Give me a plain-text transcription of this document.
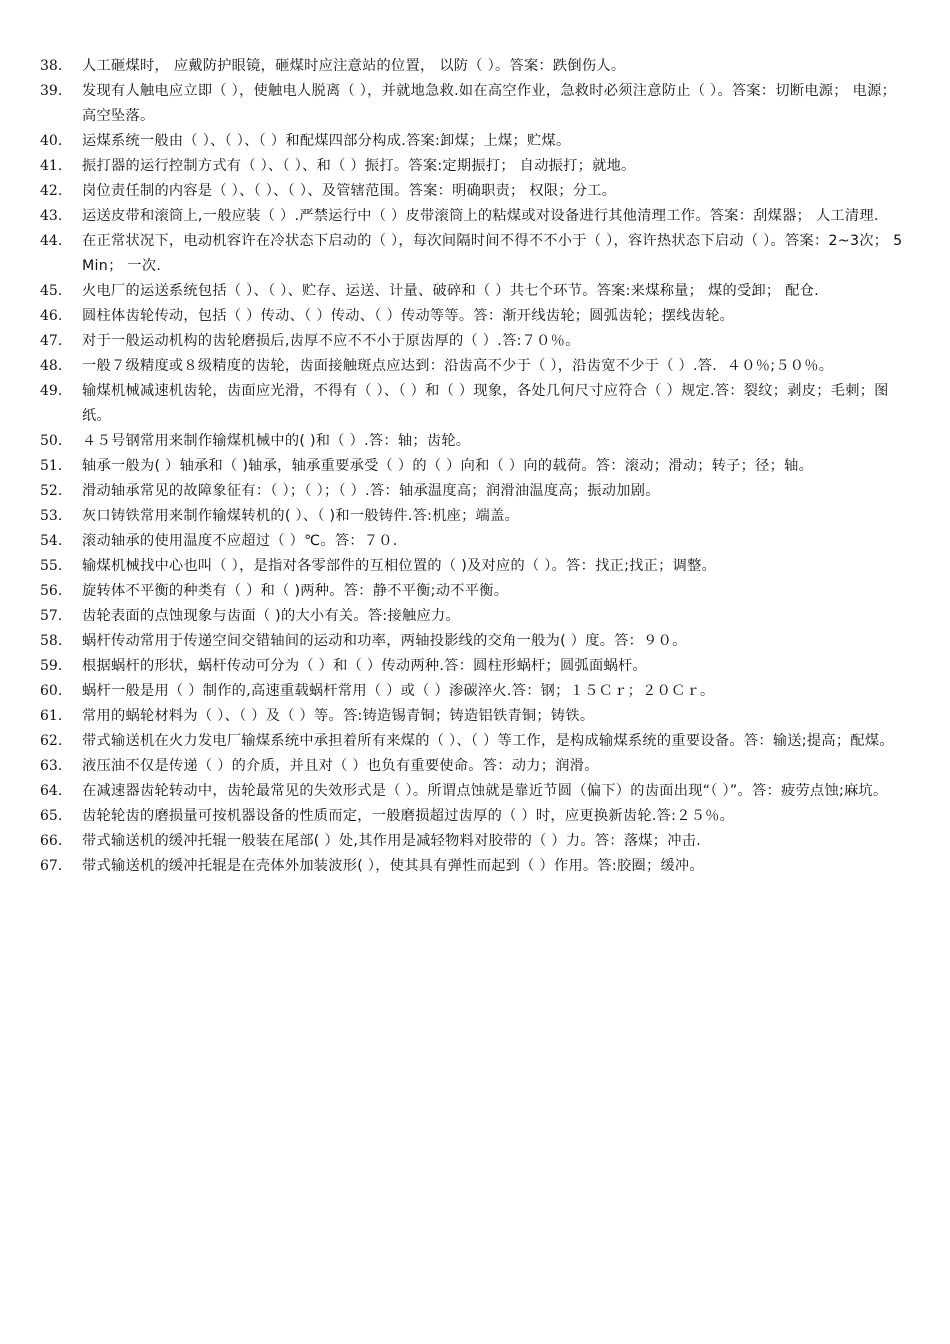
38.	人工砸煤时， 应戴防护眼镜，砸煤时应注意站的位置， 以防（ ）。答案：跌倒伤人。
39.	发现有人触电应立即（ ），使触电人脱离（ ），并就地急救.如在高空作业，急救时必须注意防止（ ）。答案：切断电源； 电源； 高空坠落。
40.	运煤系统一般由（ ）、（ ）、（ ）和配煤四部分构成.答案:卸煤；上煤；贮煤。
41.	振打器的运行控制方式有（ ）、（ ）、和（ ）振打。答案:定期振打； 自动振打；就地。
42.	岗位责任制的内容是（ ）、（ ）、（ ）、及管辖范围。答案：明确职责； 权限；分工。
43.	运送皮带和滚筒上,一般应装（ ）.严禁运行中（ ）皮带滚筒上的粘煤或对设备进行其他清理工作。答案：刮煤器； 人工清理.
44.	在正常状况下，电动机容许在冷状态下启动的（ ），每次间隔时间不得不不小于（ ），容许热状态下启动（ ）。答案：2~3次； 5Min； 一次.
45.	火电厂的运送系统包括（ ）、（ ）、贮存、运送、计量、破碎和（ ）共七个环节。答案:来煤称量； 煤的受卸； 配仓.
46.	圆柱体齿轮传动，包括（ ）传动、（ ）传动、（ ）传动等等。答：渐开线齿轮；圆弧齿轮；摆线齿轮。
47.	对于一般运动机构的齿轮磨损后,齿厚不应不不小于原齿厚的（ ）.答:７０％。
48.	一般７级精度或８级精度的齿轮，齿面接触斑点应达到：沿齿高不少于（ ），沿齿宽不少于（ ）.答．４０％;５０％。
49.	输煤机械减速机齿轮，齿面应光滑，不得有（ ）、（ ）和（ ）现象，各处几何尺寸应符合（ ）规定.答：裂纹；剥皮；毛刺；图纸。
50.	４５号钢常用来制作输煤机械中的( )和（ ）.答：轴；齿轮。
51.	轴承一般为( ）轴承和（ )轴承，轴承重要承受（ ）的（ ）向和（ ）向的载荷。答：滚动；滑动；转子；径；轴。
52.	滑动轴承常见的故障象征有：（ ）；（ ）；（ ）.答：轴承温度高；润滑油温度高；振动加剧。
53.	灰口铸铁常用来制作输煤转机的( ）、（ )和一般铸件.答:机座；端盖。
54.	滚动轴承的使用温度不应超过（ ）℃。答：７０.
55.	输煤机械找中心也叫（ ），是指对各零部件的互相位置的（ )及对应的（ ）。答：找正;找正；调整。
56.	旋转体不平衡的种类有（ ）和（ )两种。答：静不平衡;动不平衡。
57.	齿轮表面的点蚀现象与齿面（ )的大小有关。答:接触应力。
58.	蜗杆传动常用于传递空间交错轴间的运动和功率，两轴投影线的交角一般为( ）度。答：９０。
59.	根据蜗杆的形状，蜗杆传动可分为（ ）和（ ）传动两种.答：圆柱形蜗杆；圆弧面蜗杆。
60.	蜗杆一般是用（ ）制作的,高速重载蜗杆常用（ ）或（ ）渗碳淬火.答：钢；１５Ｃｒ；２０Ｃｒ。
61.	常用的蜗轮材料为（ ）、（ ）及（ ）等。答:铸造锡青铜；铸造铝铁青铜；铸铁。
62.	带式输送机在火力发电厂输煤系统中承担着所有来煤的（ ）、（ ）等工作，是构成输煤系统的重要设备。答：输送;提高；配煤。
63.	液压油不仅是传递（ ）的介质，并且对（ ）也负有重要使命。答：动力；润滑。
64.	在减速器齿轮转动中，齿轮最常见的失效形式是（ ）。所谓点蚀就是靠近节圆（偏下）的齿面出现“（ ）”。答：疲劳点蚀;麻坑。
65.	齿轮轮齿的磨损量可按机器设备的性质而定，一般磨损超过齿厚的（ ）时，应更换新齿轮.答:２５％。
66.	带式输送机的缓冲托辊一般装在尾部( ）处,其作用是减轻物料对胶带的（ ）力。答：落煤；冲击.
67.	带式输送机的缓冲托辊是在壳体外加装波形( ），使其具有弹性而起到（ ）作用。答:胶圈；缓冲。
